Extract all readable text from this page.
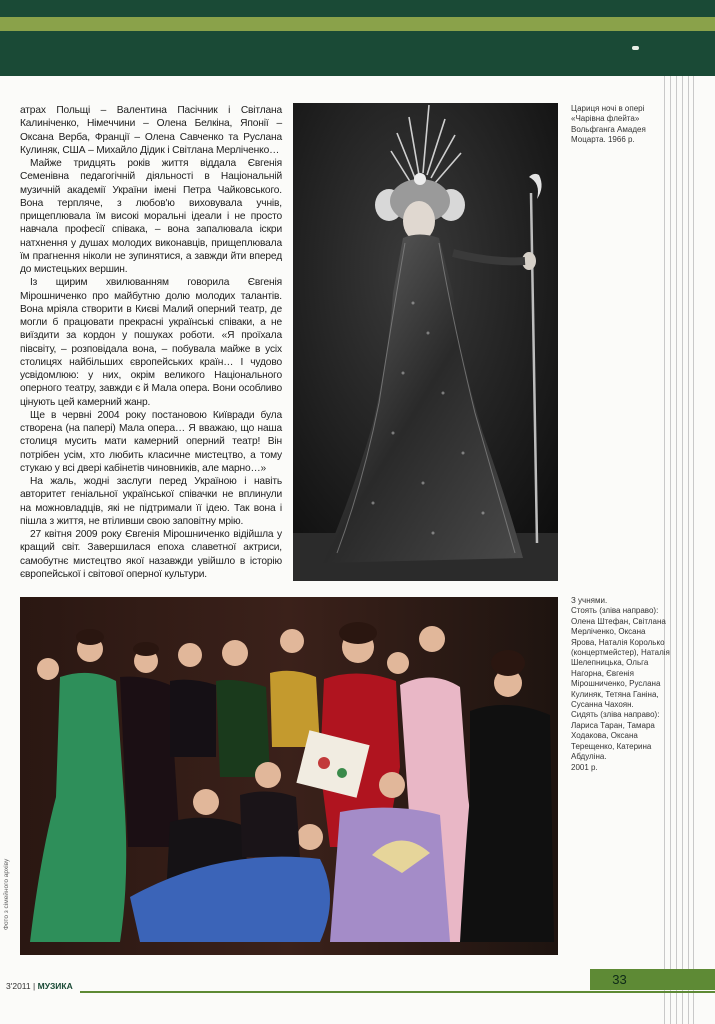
атрах Польщі – Валентина Пасічник і Світлана Калиніченко, Німеччини – Олена Белкіна, Японії – Оксана Верба, Франції – Олена Савченко та Руслана Кулиняк, США – Михайло Дідик і Світлана Мерліченко…

Майже тридцять років життя віддала Євгенія Семенівна педагогічній діяльності в Національній музичній академії України імені Петра Чайковського. Вона терпляче, з любов'ю виховувала учнів, прищеплювала їм високі моральні ідеали і не просто навчала професії співака, – вона запалювала іскри натхнення у душах молодих виконавців, прищеплювала їм прагнення ніколи не зупинятися, а завжди йти вперед до мистецьких вершин.

Із щирим хвилюванням говорила Євгенія Мірошниченко про майбутню долю молодих талантів. Вона мріяла створити в Києві Малий оперний театр, де могли б працювати прекрасні українські співаки, а не виїздити за кордон у пошуках роботи. «Я проїхала півсвіту, – розповідала вона, – побувала майже в усіх столицях найбільших європейських країн… І чудово усвідомлюю: у них, окрім великого Національного оперного театру, завжди є й Мала опера. Вони особливо цінують цей камерний жанр.

Ще в червні 2004 року постановою Київради була створена (на папері) Мала опера… Я вважаю, що наша столиця мусить мати камерний оперний театр! Він потрібен усім, хто любить класичне мистецтво, а тому стукаю у всі двері кабінетів чиновників, але марно…»

На жаль, жодні заслуги перед Україною і навіть авторитет геніальної української співачки не вплинули на можновладців, які не підтримали її ідею. Так вона і пішла з життя, не втіливши свою заповітну мрію.

27 квітня 2009 року Євгенія Мірошниченко відійшла у кращий світ. Завершилася епоха славетної актриси, самобутнє мистецтво якої назавжди увійшло в історію європейської і світової оперної культури.

Цариця ночі в опері «Чарівна флейта» Вольфганга Амадея Моцарта. 1966 р.
З учнями.
Стоять (зліва направо): Олена Штефан, Світлана Мерліченко, Оксана Ярова, Наталія Королько (концертмейстер), Наталія Шелепницька, Ольга Нагорна, Євгенія Мірошниченко, Руслана Кулиняк, Тетяна Ганіна, Сусанна Чахоян.
Сидять (зліва направо): Лариса Таран, Тамара Ходакова, Оксана Терещенко, Катерина Абдуліна.
2001 р.
Фото з сімейного архіву
3'2011 | МУЗИКА	33
